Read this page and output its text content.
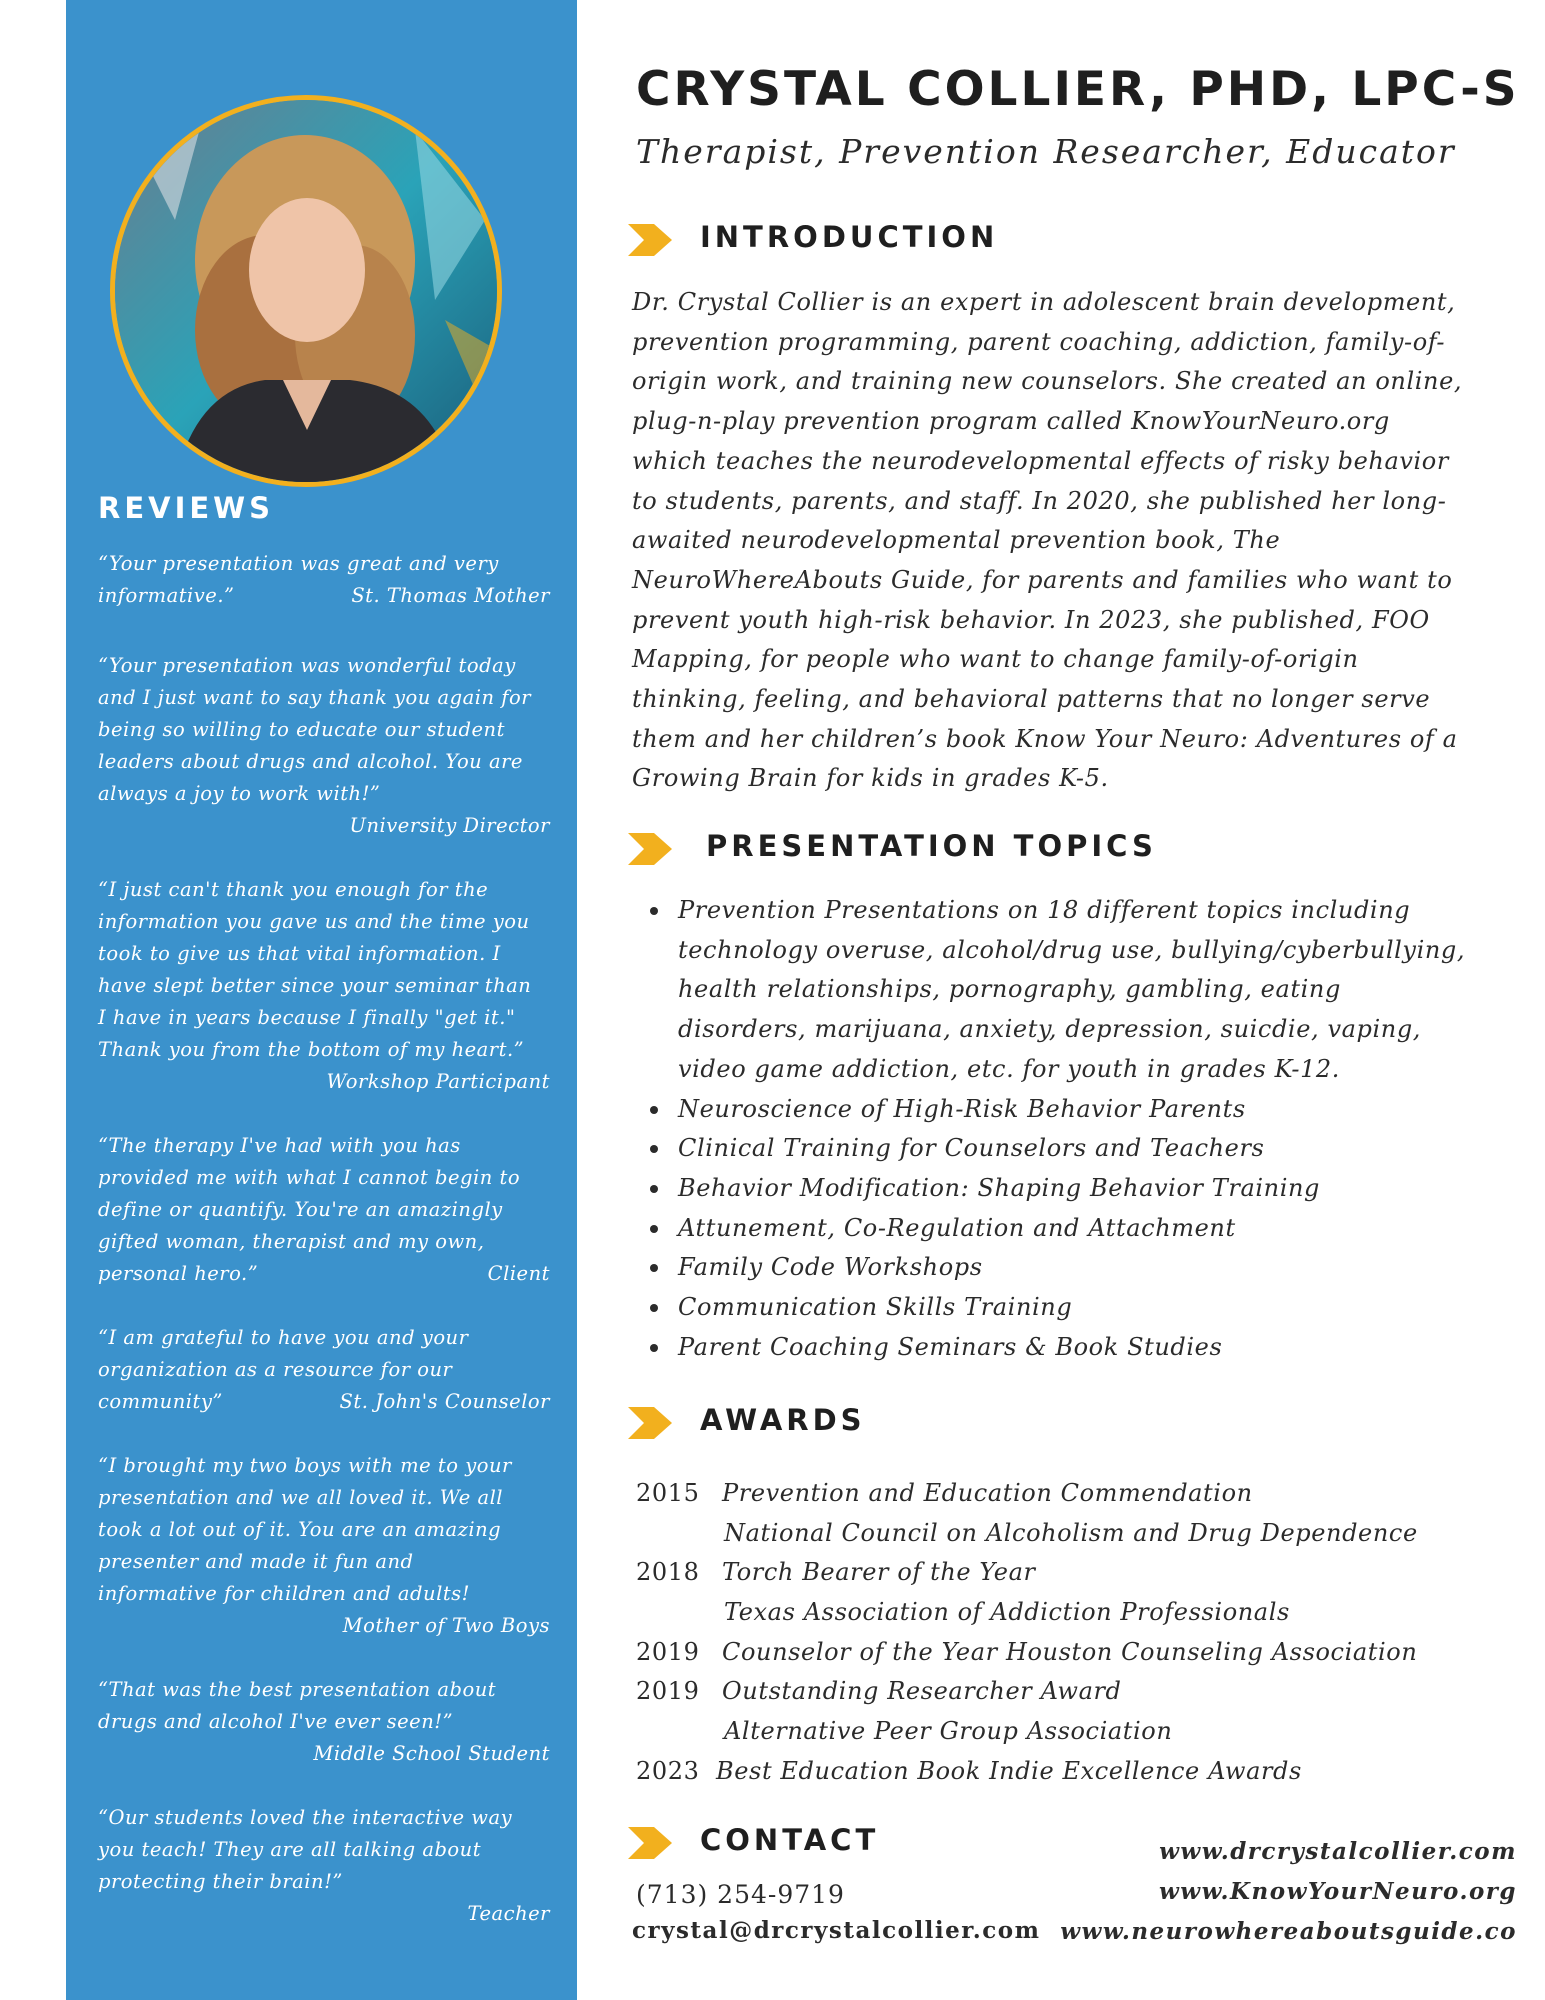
REVIEWS
“Your presentation was great and very
informative.”	St. Thomas Mother
“Your presentation was wonderful today
and I just want to say thank you again for
being so willing to educate our student
leaders about drugs and alcohol. You are
always a joy to work with!”
University Director
“I just can't thank you enough for the
information you gave us and the time you
took to give us that vital information. I
have slept better since your seminar than
I have in years because I finally "get it."
Thank you from the bottom of my heart.”
Workshop Participant
“The therapy I've had with you has
provided me with what I cannot begin to
define or quantify. You're an amazingly
gifted woman, therapist and my own,
personal hero.”	Client
“I am grateful to have you and your
organization as a resource for our
community”	St. John's Counselor
“I brought my two boys with me to your
presentation and we all loved it. We all
took a lot out of it. You are an amazing
presenter and made it fun and
informative for children and adults!
Mother of Two Boys
“That was the best presentation about
drugs and alcohol I've ever seen!”
Middle School Student
“Our students loved the interactive way
you teach! They are all talking about
protecting their brain!”
Teacher
CRYSTAL COLLIER, PHD, LPC-S
Therapist, Prevention Researcher, Educator
INTRODUCTION
Dr. Crystal Collier is an expert in adolescent brain development,
prevention programming, parent coaching, addiction, family-of-
origin work, and training new counselors. She created an online,
plug-n-play prevention program called KnowYourNeuro.org
which teaches the neurodevelopmental effects of risky behavior
to students, parents, and staff. In 2020, she published her long-
awaited neurodevelopmental prevention book, The
NeuroWhereAbouts Guide, for parents and families who want to
prevent youth high-risk behavior. In 2023, she published, FOO
Mapping, for people who want to change family-of-origin
thinking, feeling, and behavioral patterns that no longer serve
them and her children’s book Know Your Neuro: Adventures of a
Growing Brain for kids in grades K-5.
PRESENTATION TOPICS
Prevention Presentations on 18 different topics including
technology overuse, alcohol/drug use, bullying/cyberbullying,
health relationships, pornography, gambling, eating
disorders, marijuana, anxiety, depression, suicdie, vaping,
video game addiction, etc. for youth in grades K-12.
Neuroscience of High-Risk Behavior Parents
Clinical Training for Counselors and Teachers
Behavior Modification: Shaping Behavior Training
Attunement, Co-Regulation and Attachment
Family Code Workshops
Communication Skills Training
Parent Coaching Seminars & Book Studies
AWARDS
2015 Prevention and Education Commendation
National Council on Alcoholism and Drug Dependence
2018 Torch Bearer of the Year
Texas Association of Addiction Professionals
2019 Counselor of the Year Houston Counseling Association
2019 Outstanding Researcher Award
Alternative Peer Group Association
2023 Best Education Book Indie Excellence Awards
CONTACT
(713) 254-9719
crystal@drcrystalcollier.com
www.drcrystalcollier.com
www.KnowYourNeuro.org
www.neurowhereaboutsguide.co
